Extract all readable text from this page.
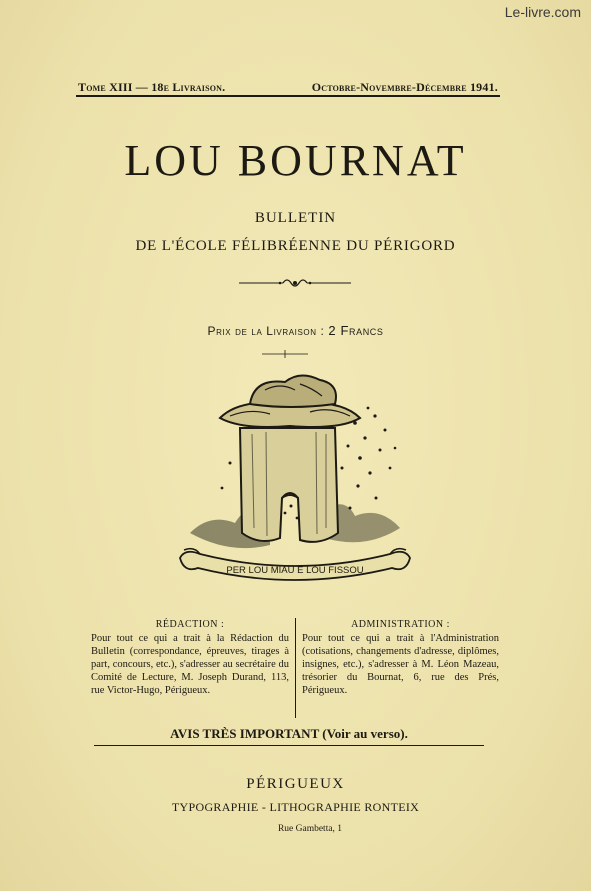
Le-livre.com
Tome XIII — 18e Livraison.	Octobre-Novembre-Décembre 1941.
LOU BOURNAT
BULLETIN
DE L'ÉCOLE FÉLIBRÉENNE DU PÉRIGORD
Prix de la Livraison : 2 Francs
PER LOU MIAU E LOU FISSOU
RÉDACTION :

Pour tout ce qui a trait à la Rédaction du Bulletin (correspondance, épreuves, tirages à part, concours, etc.), s'adresser au secrétaire du Comité de Lecture, M. Joseph Durand, 113, rue Victor-Hugo, Périgueux.

ADMINISTRATION :

Pour tout ce qui a trait à l'Administration (cotisations, changements d'adresse, diplômes, insignes, etc.), s'adresser à M. Léon Mazeau, trésorier du Bournat, 6, rue des Prés, Périgueux.

AVIS TRÈS IMPORTANT (Voir au verso).
PÉRIGUEUX
TYPOGRAPHIE - LITHOGRAPHIE RONTEIX
Rue Gambetta, 1
